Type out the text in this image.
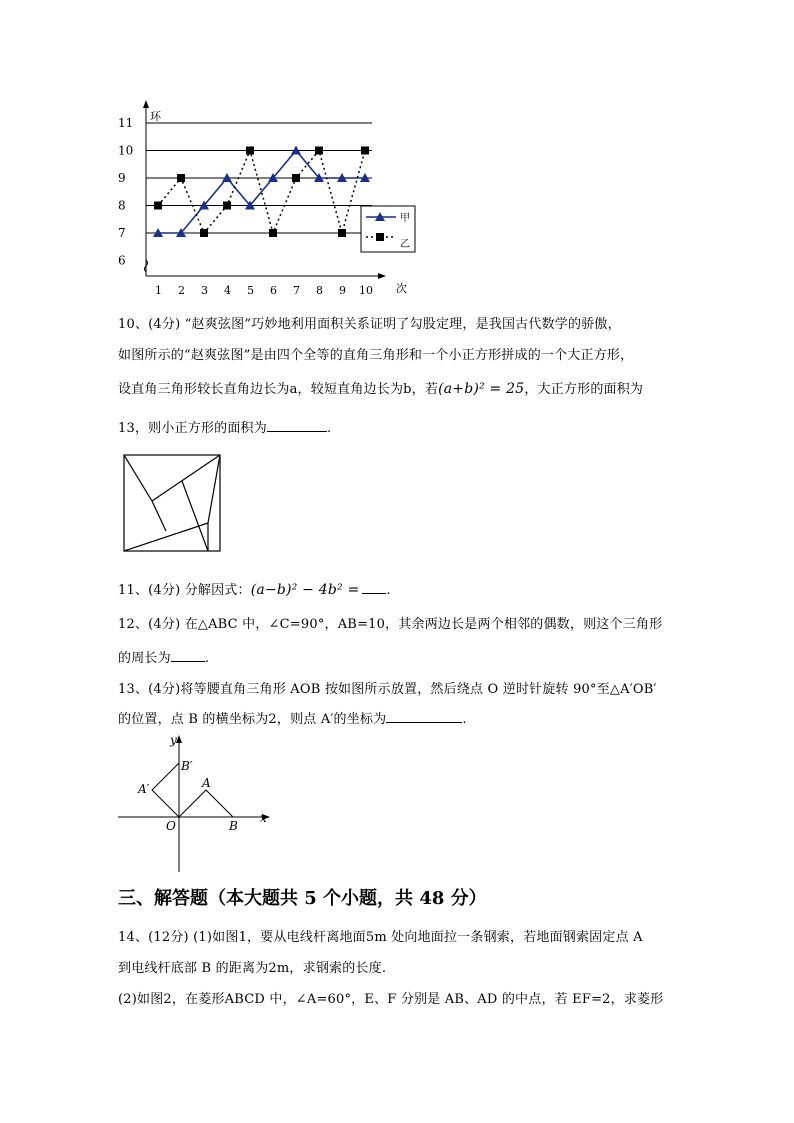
6
7
8
9
10
11 环
1 2 3 4 5 6 7 8 9 10 次
甲
乙
10、(4分) “赵爽弦图”巧妙地利用面积关系证明了勾股定理，是我国古代数学的骄傲，
如图所示的“赵爽弦图”是由四个全等的直角三角形和一个小正方形拼成的一个大正方形，
设直角三角形较长直角边长为a，较短直角边长为b，若(a+b)² = 25，大正方形的面积为
13，则小正方形的面积为	.
11、(4分) 分解因式：(a−b)² − 4b² = .
12、(4分) 在△ABC 中，∠C=90°，AB=10，其余两边长是两个相邻的偶数，则这个三角形
的周长为	.
13、(4分)将等腰直角三角形 AOB 按如图所示放置，然后绕点 O 逆时针旋转 90°至△A′OB′
的位置，点 B 的横坐标为2，则点 A′的坐标为	.
y
x
O
A
B
A′
B′
三、解答题（本大题共 5 个小题，共 48 分）
14、(12分) (1)如图1，要从电线杆离地面5m 处向地面拉一条钢索，若地面钢索固定点 A
到电线杆底部 B 的距离为2m，求钢索的长度.
(2)如图2，在菱形ABCD 中，∠A=60°，E、F 分别是 AB、AD 的中点，若 EF=2，求菱形
